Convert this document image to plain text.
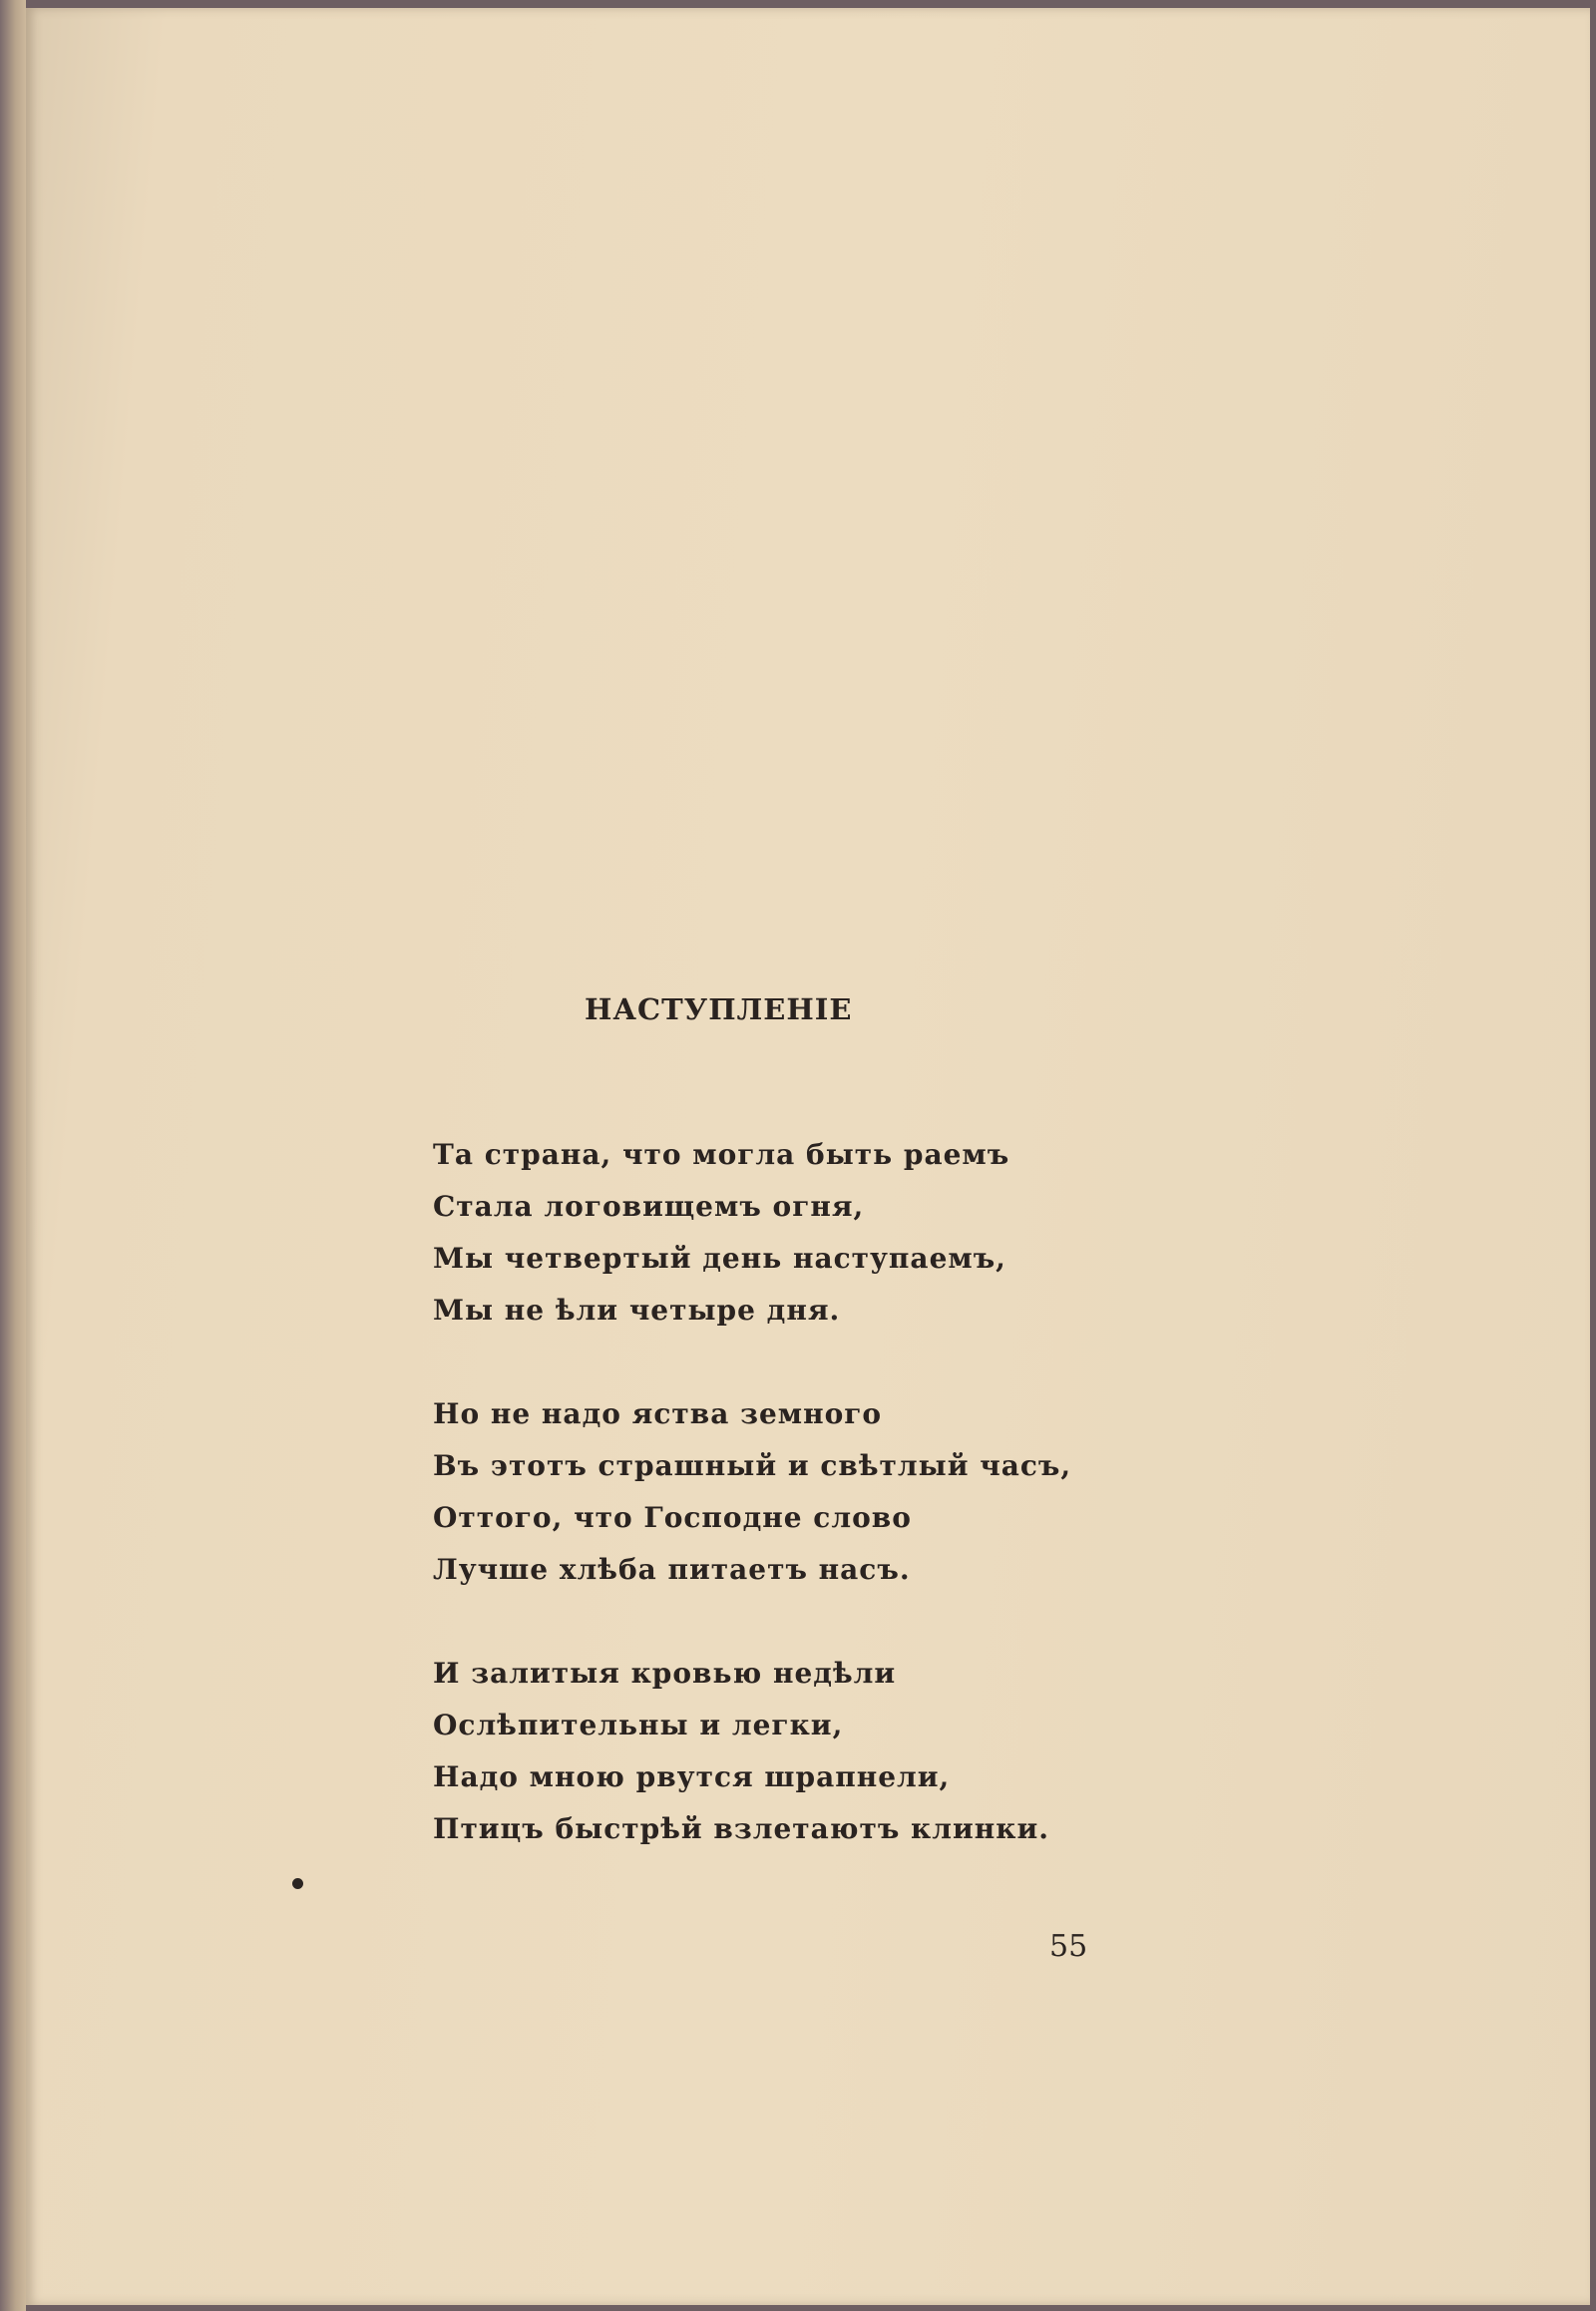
НАСТУПЛЕНIЕ
Та страна, что могла быть раемъ
Стала логовищемъ огня,
Мы четвертый день наступаемъ,
Мы не ѣли четыре дня.
Но не надо яства земного
Въ этотъ страшный и свѣтлый часъ,
Оттого, что Господне слово
Лучше хлѣба питаетъ насъ.
И залитыя кровью недѣли
Ослѣпительны и легки,
Надо мною рвутся шрапнели,
Птицъ быстрѣй взлетаютъ клинки.
55
